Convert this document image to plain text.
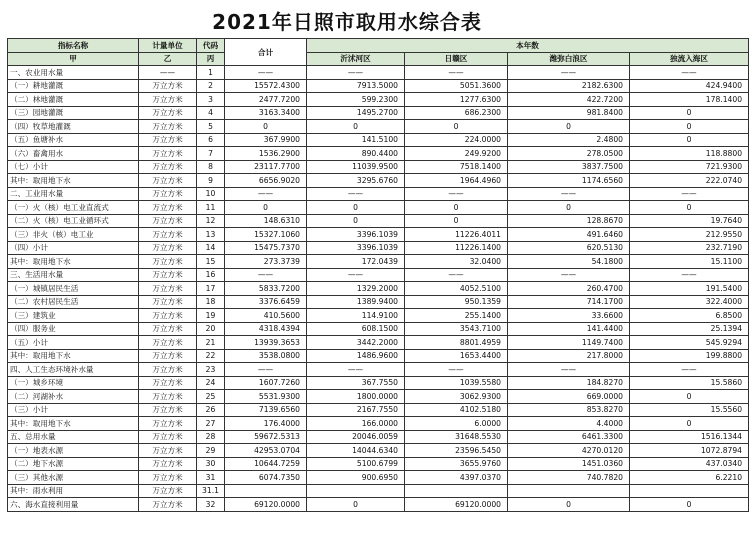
2021年日照市取用水综合表
指标名称	计量单位	代码	合计	本年数			
甲	乙	丙		沂沭河区	日赣区	潍弥白浪区	独流入海区

一、农业用水量	——	1	——	——	——	——	——
（一）耕地灌溉	万立方米	2	15572.4300	7913.5000	5051.3600	2182.6300	424.9400
（二）林地灌溉	万立方米	3	2477.7200	599.2300	1277.6300	422.7200	178.1400
（三）园地灌溉	万立方米	4	3163.3400	1495.2700	686.2300	981.8400	0
（四）牧草地灌溉	万立方米	5	0	0	0	0	0
（五）鱼塘补水	万立方米	6	367.9900	141.5100	224.0000	2.4800	0
（六）畜禽用水	万立方米	7	1536.2900	890.4400	249.9200	278.0500	118.8800
（七）小计	万立方米	8	23117.7700	11039.9500	7518.1400	3837.7500	721.9300
其中：取用地下水	万立方米	9	6656.9020	3295.6760	1964.4960	1174.6560	222.0740
二、工业用水量	万立方米	10	——	——	——	——	——
（一）火（核）电工业直流式	万立方米	11	0	0	0	0	0
（二）火（核）电工业循环式	万立方米	12	148.6310	0	0	128.8670	19.7640
（三）非火（核）电工业	万立方米	13	15327.1060	3396.1039	11226.4011	491.6460	212.9550
（四）小计	万立方米	14	15475.7370	3396.1039	11226.1400	620.5130	232.7190
其中：取用地下水	万立方米	15	273.3739	172.0439	32.0400	54.1800	15.1100
三、生活用水量	万立方米	16	——	——	——	——	——
（一）城镇居民生活	万立方米	17	5833.7200	1329.2000	4052.5100	260.4700	191.5400
（二）农村居民生活	万立方米	18	3376.6459	1389.9400	950.1359	714.1700	322.4000
（三）建筑业	万立方米	19	410.5600	114.9100	255.1400	33.6600	6.8500
（四）服务业	万立方米	20	4318.4394	608.1500	3543.7100	141.4400	25.1394
（五）小计	万立方米	21	13939.3653	3442.2000	8801.4959	1149.7400	545.9294
其中：取用地下水	万立方米	22	3538.0800	1486.9600	1653.4400	217.8000	199.8800
四、人工生态环境补水量	万立方米	23	——	——	——	——	——
（一）城乡环境	万立方米	24	1607.7260	367.7550	1039.5580	184.8270	15.5860
（二）河湖补水	万立方米	25	5531.9300	1800.0000	3062.9300	669.0000	0
（三）小计	万立方米	26	7139.6560	2167.7550	4102.5180	853.8270	15.5560
其中：取用地下水	万立方米	27	176.4000	166.0000	6.0000	4.4000	0
五、总用水量	万立方米	28	59672.5313	20046.0059	31648.5530	6461.3300	1516.1344
（一）地表水源	万立方米	29	42953.0704	14044.6340	23596.5450	4270.0120	1072.8794
（二）地下水源	万立方米	30	10644.7259	5100.6799	3655.9760	1451.0360	437.0340
（三）其他水源	万立方米	31	6074.7350	900.6950	4397.0370	740.7820	6.2210
其中：雨水利用	万立方米	31.1					
六、海水直接利用量	万立方米	32	69120.0000	0	69120.0000	0	0
